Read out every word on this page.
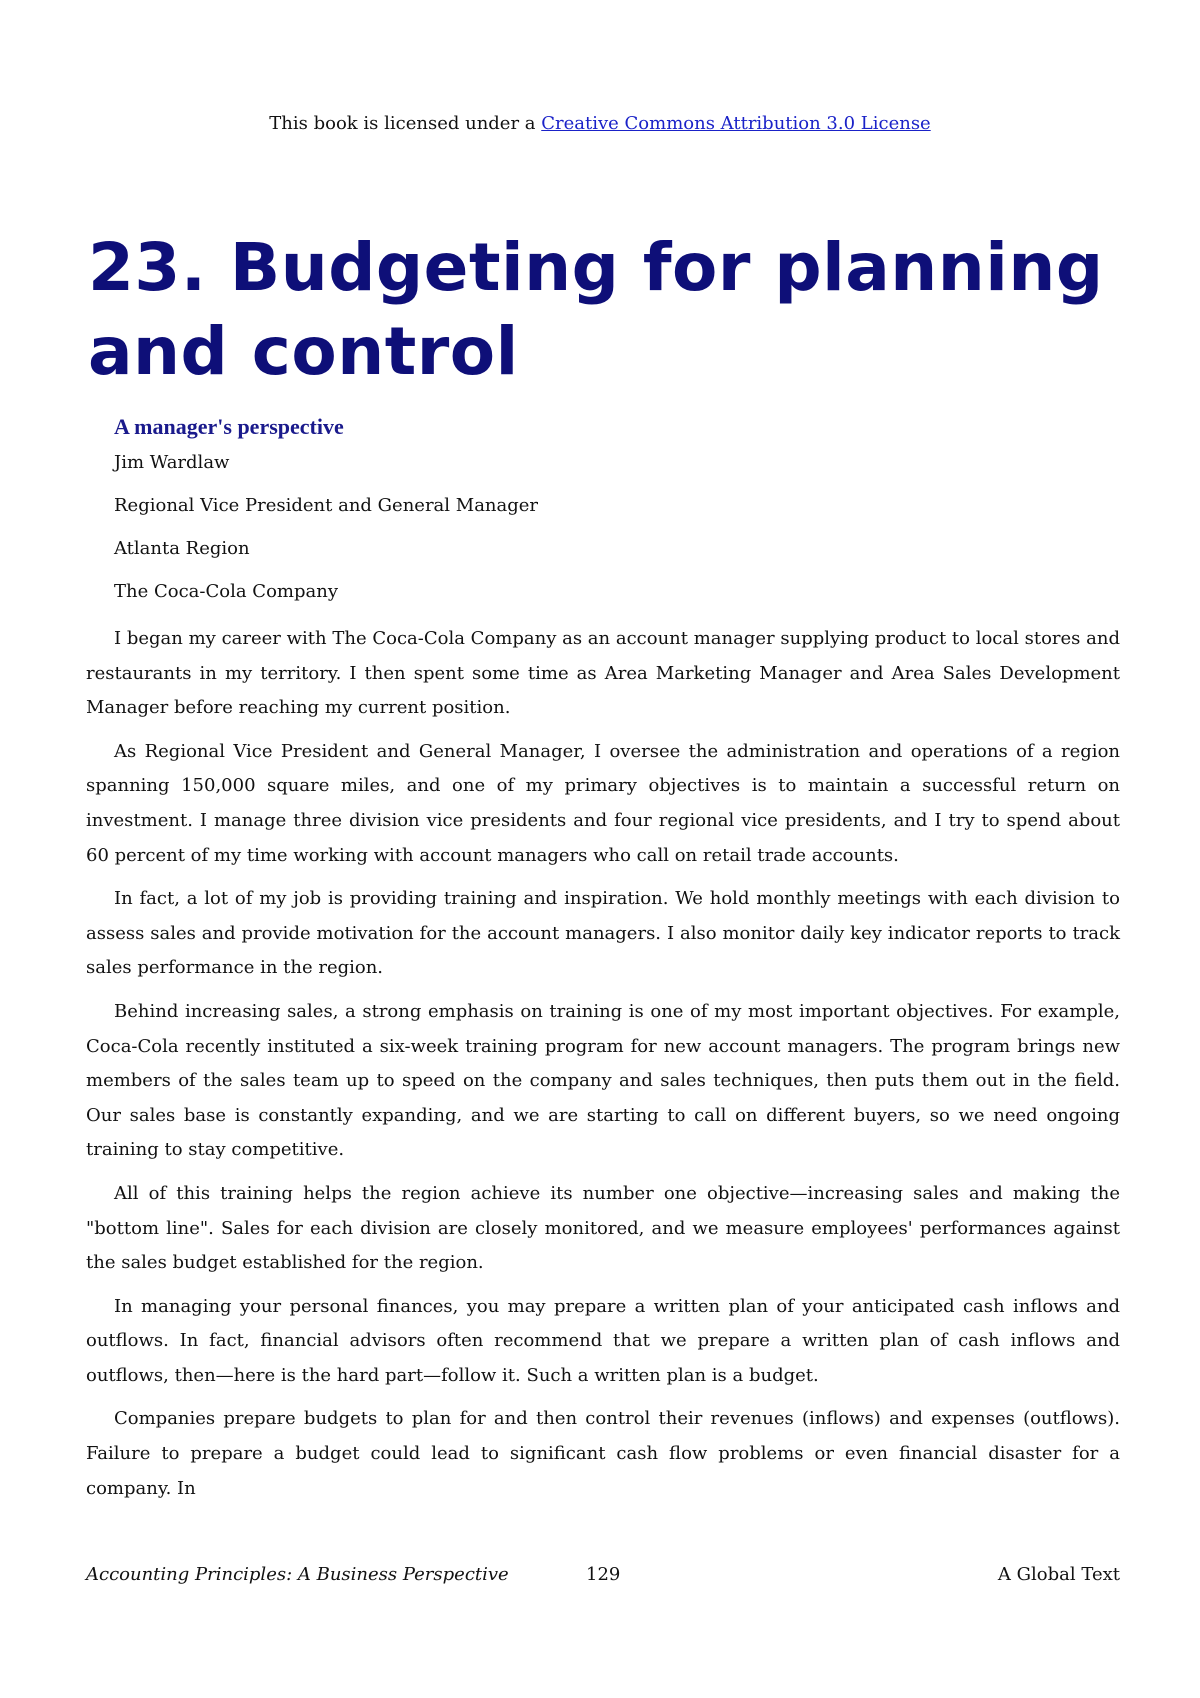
This book is licensed under a Creative Commons Attribution 3.0 License
23. Budgeting for planning and control
A manager's perspective

Jim Wardlaw

Regional Vice President and General Manager

Atlanta Region

The Coca-Cola Company

I began my career with The Coca-Cola Company as an account manager supplying product to local stores and restaurants in my territory. I then spent some time as Area Marketing Manager and Area Sales Development Manager before reaching my current position.

As Regional Vice President and General Manager, I oversee the administration and operations of a region spanning 150,000 square miles, and one of my primary objectives is to maintain a successful return on investment. I manage three division vice presidents and four regional vice presidents, and I try to spend about 60 percent of my time working with account managers who call on retail trade accounts.

In fact, a lot of my job is providing training and inspiration. We hold monthly meetings with each division to assess sales and provide motivation for the account managers. I also monitor daily key indicator reports to track sales performance in the region.

Behind increasing sales, a strong emphasis on training is one of my most important objectives. For example, Coca-Cola recently instituted a six-week training program for new account managers. The program brings new members of the sales team up to speed on the company and sales techniques, then puts them out in the field. Our sales base is constantly expanding, and we are starting to call on different buyers, so we need ongoing training to stay competitive.

All of this training helps the region achieve its number one objective—increasing sales and making the "bottom line". Sales for each division are closely monitored, and we measure employees' performances against the sales budget established for the region.

In managing your personal finances, you may prepare a written plan of your anticipated cash inflows and outflows. In fact, financial advisors often recommend that we prepare a written plan of cash inflows and outflows, then—here is the hard part—follow it. Such a written plan is a budget.

Companies prepare budgets to plan for and then control their revenues (inflows) and expenses (outflows). Failure to prepare a budget could lead to significant cash flow problems or even financial disaster for a company. In

Accounting Principles: A Business Perspective	129	A Global Text
